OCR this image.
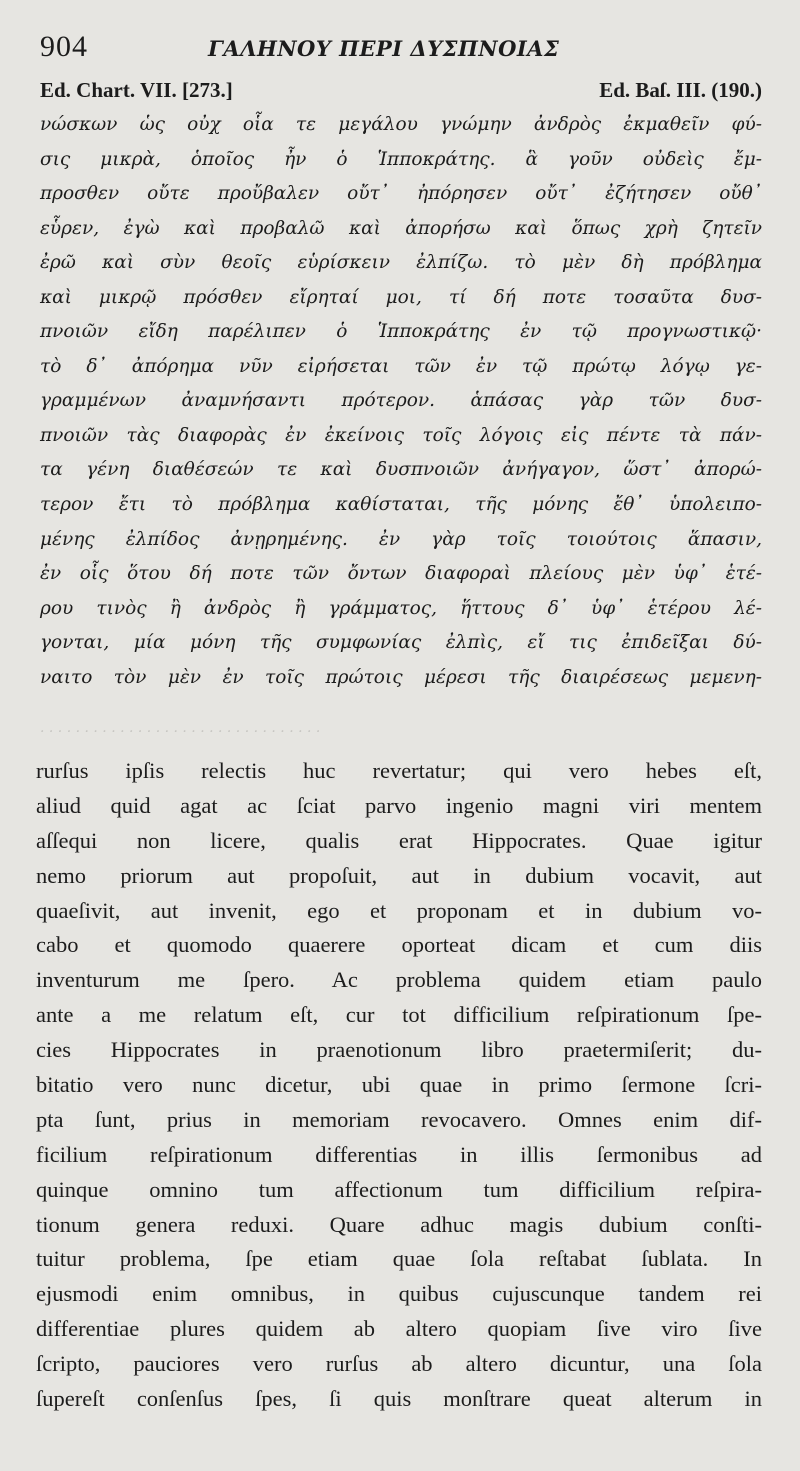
904	ΓΑΛΗΝΟΥ ΠΕΡΙ ΔΥΣΠΝΟΙΑΣ
Ed. Chart. VII. [273.]	Ed. Baſ. III. (190.)
νώσκων ὡς οὐχ οἷα τε μεγάλου γνώμην ἀνδρὸς ἐκμαθεῖν φύ-
σις μικρὰ, ὁποῖος ἦν ὁ Ἱπποκράτης. ἃ γοῦν οὐδεὶς ἔμ-
προσθεν οὔτε προὔβαλεν οὔτ᾽ ἠπόρησεν οὔτ᾽ ἐζήτησεν οὔθ᾽
εὗρεν, ἐγὼ καὶ προβαλῶ καὶ ἀπορήσω καὶ ὅπως χρὴ ζητεῖν
ἐρῶ καὶ σὺν θεοῖς εὑρίσκειν ἐλπίζω. τὸ μὲν δὴ πρόβλημα
καὶ μικρῷ πρόσθεν εἴρηταί μοι, τί δή ποτε τοσαῦτα δυσ-
πνοιῶν εἴδη παρέλιπεν ὁ Ἱπποκράτης ἐν τῷ προγνωστικῷ·
τὸ δ᾽ ἀπόρημα νῦν εἰρήσεται τῶν ἐν τῷ πρώτῳ λόγῳ γε-
γραμμένων ἀναμνήσαντι πρότερον. ἁπάσας γὰρ τῶν δυσ-
πνοιῶν τὰς διαφορὰς ἐν ἐκείνοις τοῖς λόγοις εἰς πέντε τὰ πάν-
τα γένη διαθέσεών τε καὶ δυσπνοιῶν ἀνήγαγον, ὥστ᾽ ἀπορώ-
τερον ἔτι τὸ πρόβλημα καθίσταται, τῆς μόνης ἔθ᾽ ὑπολειπο-
μένης ἐλπίδος ἀνῃρημένης. ἐν γὰρ τοῖς τοιούτοις ἅπασιν,
ἐν οἷς ὅτου δή ποτε τῶν ὄντων διαφοραὶ πλείους μὲν ὑφ᾽ ἑτέ-
ρου τινὸς ἢ ἀνδρὸς ἢ γράμματος, ἥττους δ᾽ ὑφ᾽ ἑτέρου λέ-
γονται, μία μόνη τῆς συμφωνίας ἐλπὶς, εἴ τις ἐπιδεῖξαι δύ-
ναιτο τὸν μὲν ἐν τοῖς πρώτοις μέρεσι τῆς διαιρέσεως μεμενη-
· · · · · · · · · · · · · · · · · · · · · · · · · · · · · · · ·
rurſus ipſis relectis huc revertatur; qui vero hebes eſt,
aliud quid agat ac ſciat parvo ingenio magni viri mentem
aſſequi non licere, qualis erat Hippocrates. Quae igitur
nemo priorum aut propoſuit, aut in dubium vocavit, aut
quaeſivit, aut invenit, ego et proponam et in dubium vo-
cabo et quomodo quaerere oporteat dicam et cum diis
inventurum me ſpero. Ac problema quidem etiam paulo
ante a me relatum eſt, cur tot difficilium reſpirationum ſpe-
cies Hippocrates in praenotionum libro praetermiſerit; du-
bitatio vero nunc dicetur, ubi quae in primo ſermone ſcri-
pta ſunt, prius in memoriam revocavero. Omnes enim dif-
ficilium reſpirationum differentias in illis ſermonibus ad
quinque omnino tum affectionum tum difficilium reſpira-
tionum genera reduxi. Quare adhuc magis dubium conſti-
tuitur problema, ſpe etiam quae ſola reſtabat ſublata. In
ejusmodi enim omnibus, in quibus cujuscunque tandem rei
differentiae plures quidem ab altero quopiam ſive viro ſive
ſcripto, pauciores vero rurſus ab altero dicuntur, una ſola
ſupereſt conſenſus ſpes, ſi quis monſtrare queat alterum in
